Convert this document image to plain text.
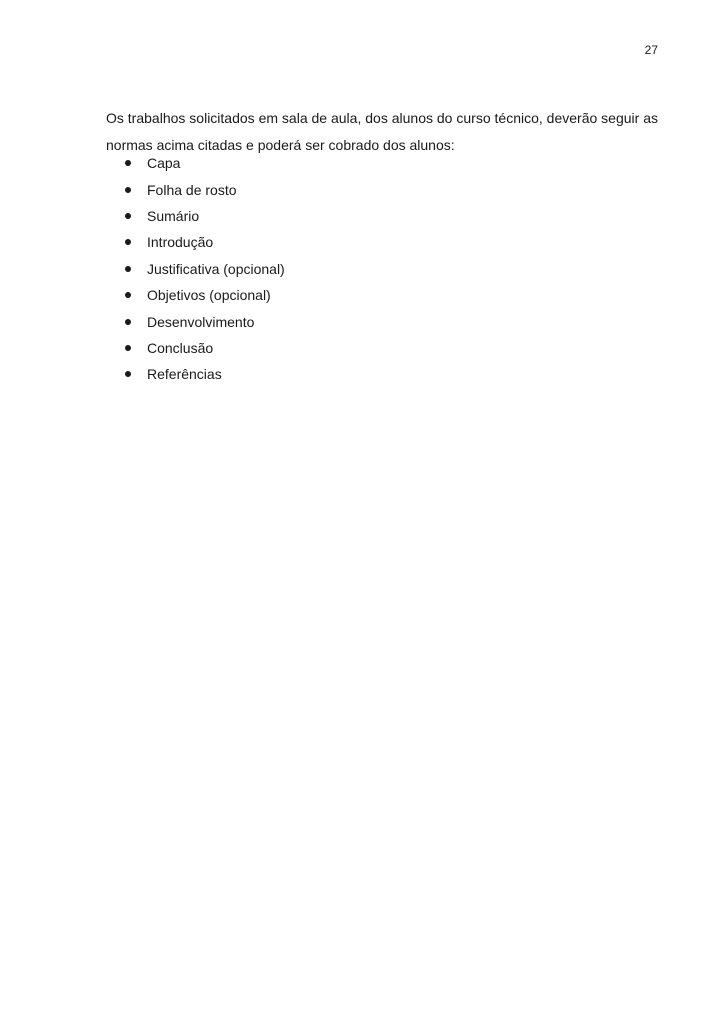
27

Os trabalhos solicitados em sala de aula, dos alunos do curso técnico, deverão seguir as normas acima citadas e poderá ser cobrado dos alunos:

Capa
Folha de rosto
Sumário
Introdução
Justificativa (opcional)
Objetivos (opcional)
Desenvolvimento
Conclusão
Referências
